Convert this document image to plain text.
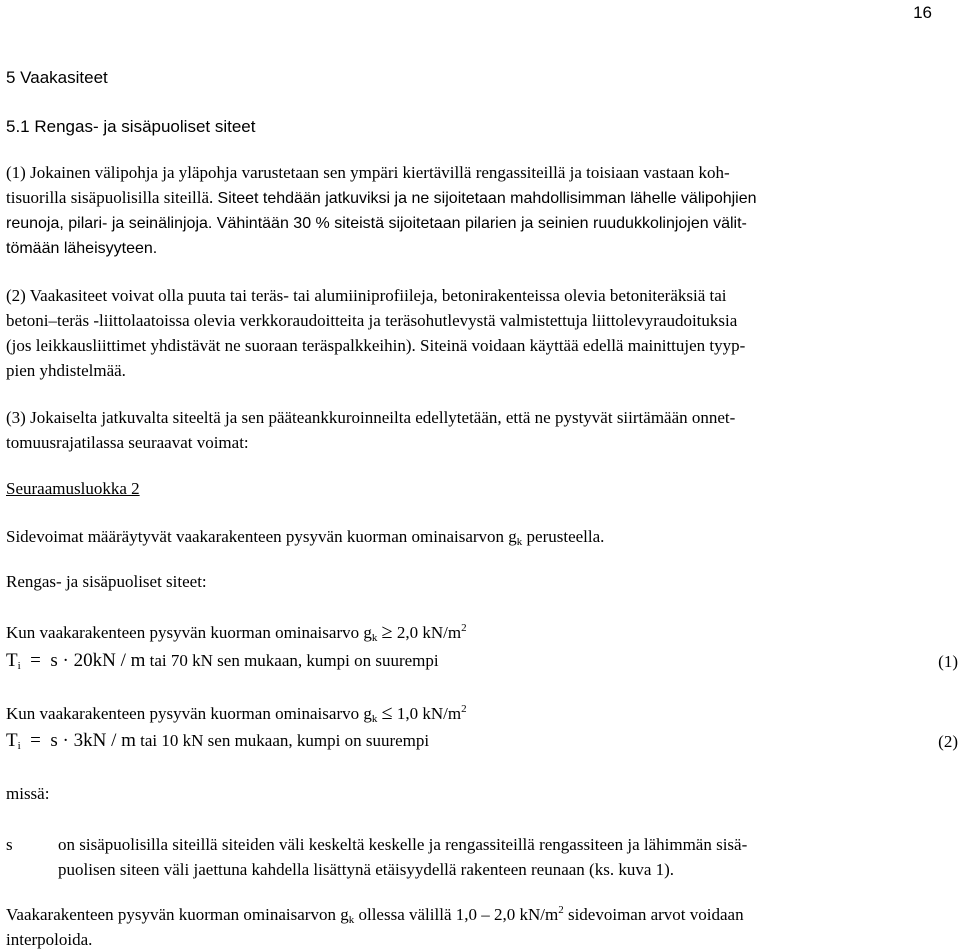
16
5 Vaakasiteet
5.1 Rengas- ja sisäpuoliset siteet
(1) Jokainen välipohja ja yläpohja varustetaan sen ympäri kiertävillä rengassiteillä ja toisiaan vastaan koh-
tisuorilla sisäpuolisilla siteillä. Siteet tehdään jatkuviksi ja ne sijoitetaan mahdollisimman lähelle välipohjien
reunoja, pilari- ja seinälinjoja. Vähintään 30 % siteistä sijoitetaan pilarien ja seinien ruudukkolinjojen välit-
tömään läheisyyteen.
(2) Vaakasiteet voivat olla puuta tai teräs- tai alumiiniprofiileja, betonirakenteissa olevia betoniteräksiä tai
betoni–teräs -liittolaatoissa olevia verkkoraudoitteita ja teräsohutlevystä valmistettuja liittolevyraudoituksia
(jos leikkausliittimet yhdistävät ne suoraan teräspalkkeihin). Siteinä voidaan käyttää edellä mainittujen tyyp-
pien yhdistelmää.
(3) Jokaiselta jatkuvalta siteeltä ja sen pääteankkuroinneilta edellytetään, että ne pystyvät siirtämään onnet-
tomuusrajatilassa seuraavat voimat:
Seuraamusluokka 2
Sidevoimat määräytyvät vaakarakenteen pysyvän kuorman ominaisarvon $g_k$ perusteella.
Rengas- ja sisäpuoliset siteet:
Kun vaakarakenteen pysyvän kuorman ominaisarvo $g_k \ge 2,0$ $kN/m^2$
$T_i = s \cdot 20kN / m$ tai 70 kN sen mukaan, kumpi on suurempi	(1)
Kun vaakarakenteen pysyvän kuorman ominaisarvo $g_k \le 1,0$ $kN/m^2$
$T_i = s \cdot 3kN / m$ tai 10 kN sen mukaan, kumpi on suurempi	(2)
missä:
s	on sisäpuolisilla siteillä siteiden väli keskeltä keskelle ja rengassiteillä rengassiteen ja lähimmän sisä-
puolisen siteen väli jaettuna kahdella lisättynä etäisyydellä rakenteen reunaan (ks. kuva 1).
Vaakarakenteen pysyvän kuorman ominaisarvon $g_k$ ollessa välillä 1,0 – 2,0 $kN/m^2$ sidevoiman arvot voidaan
interpoloida.
